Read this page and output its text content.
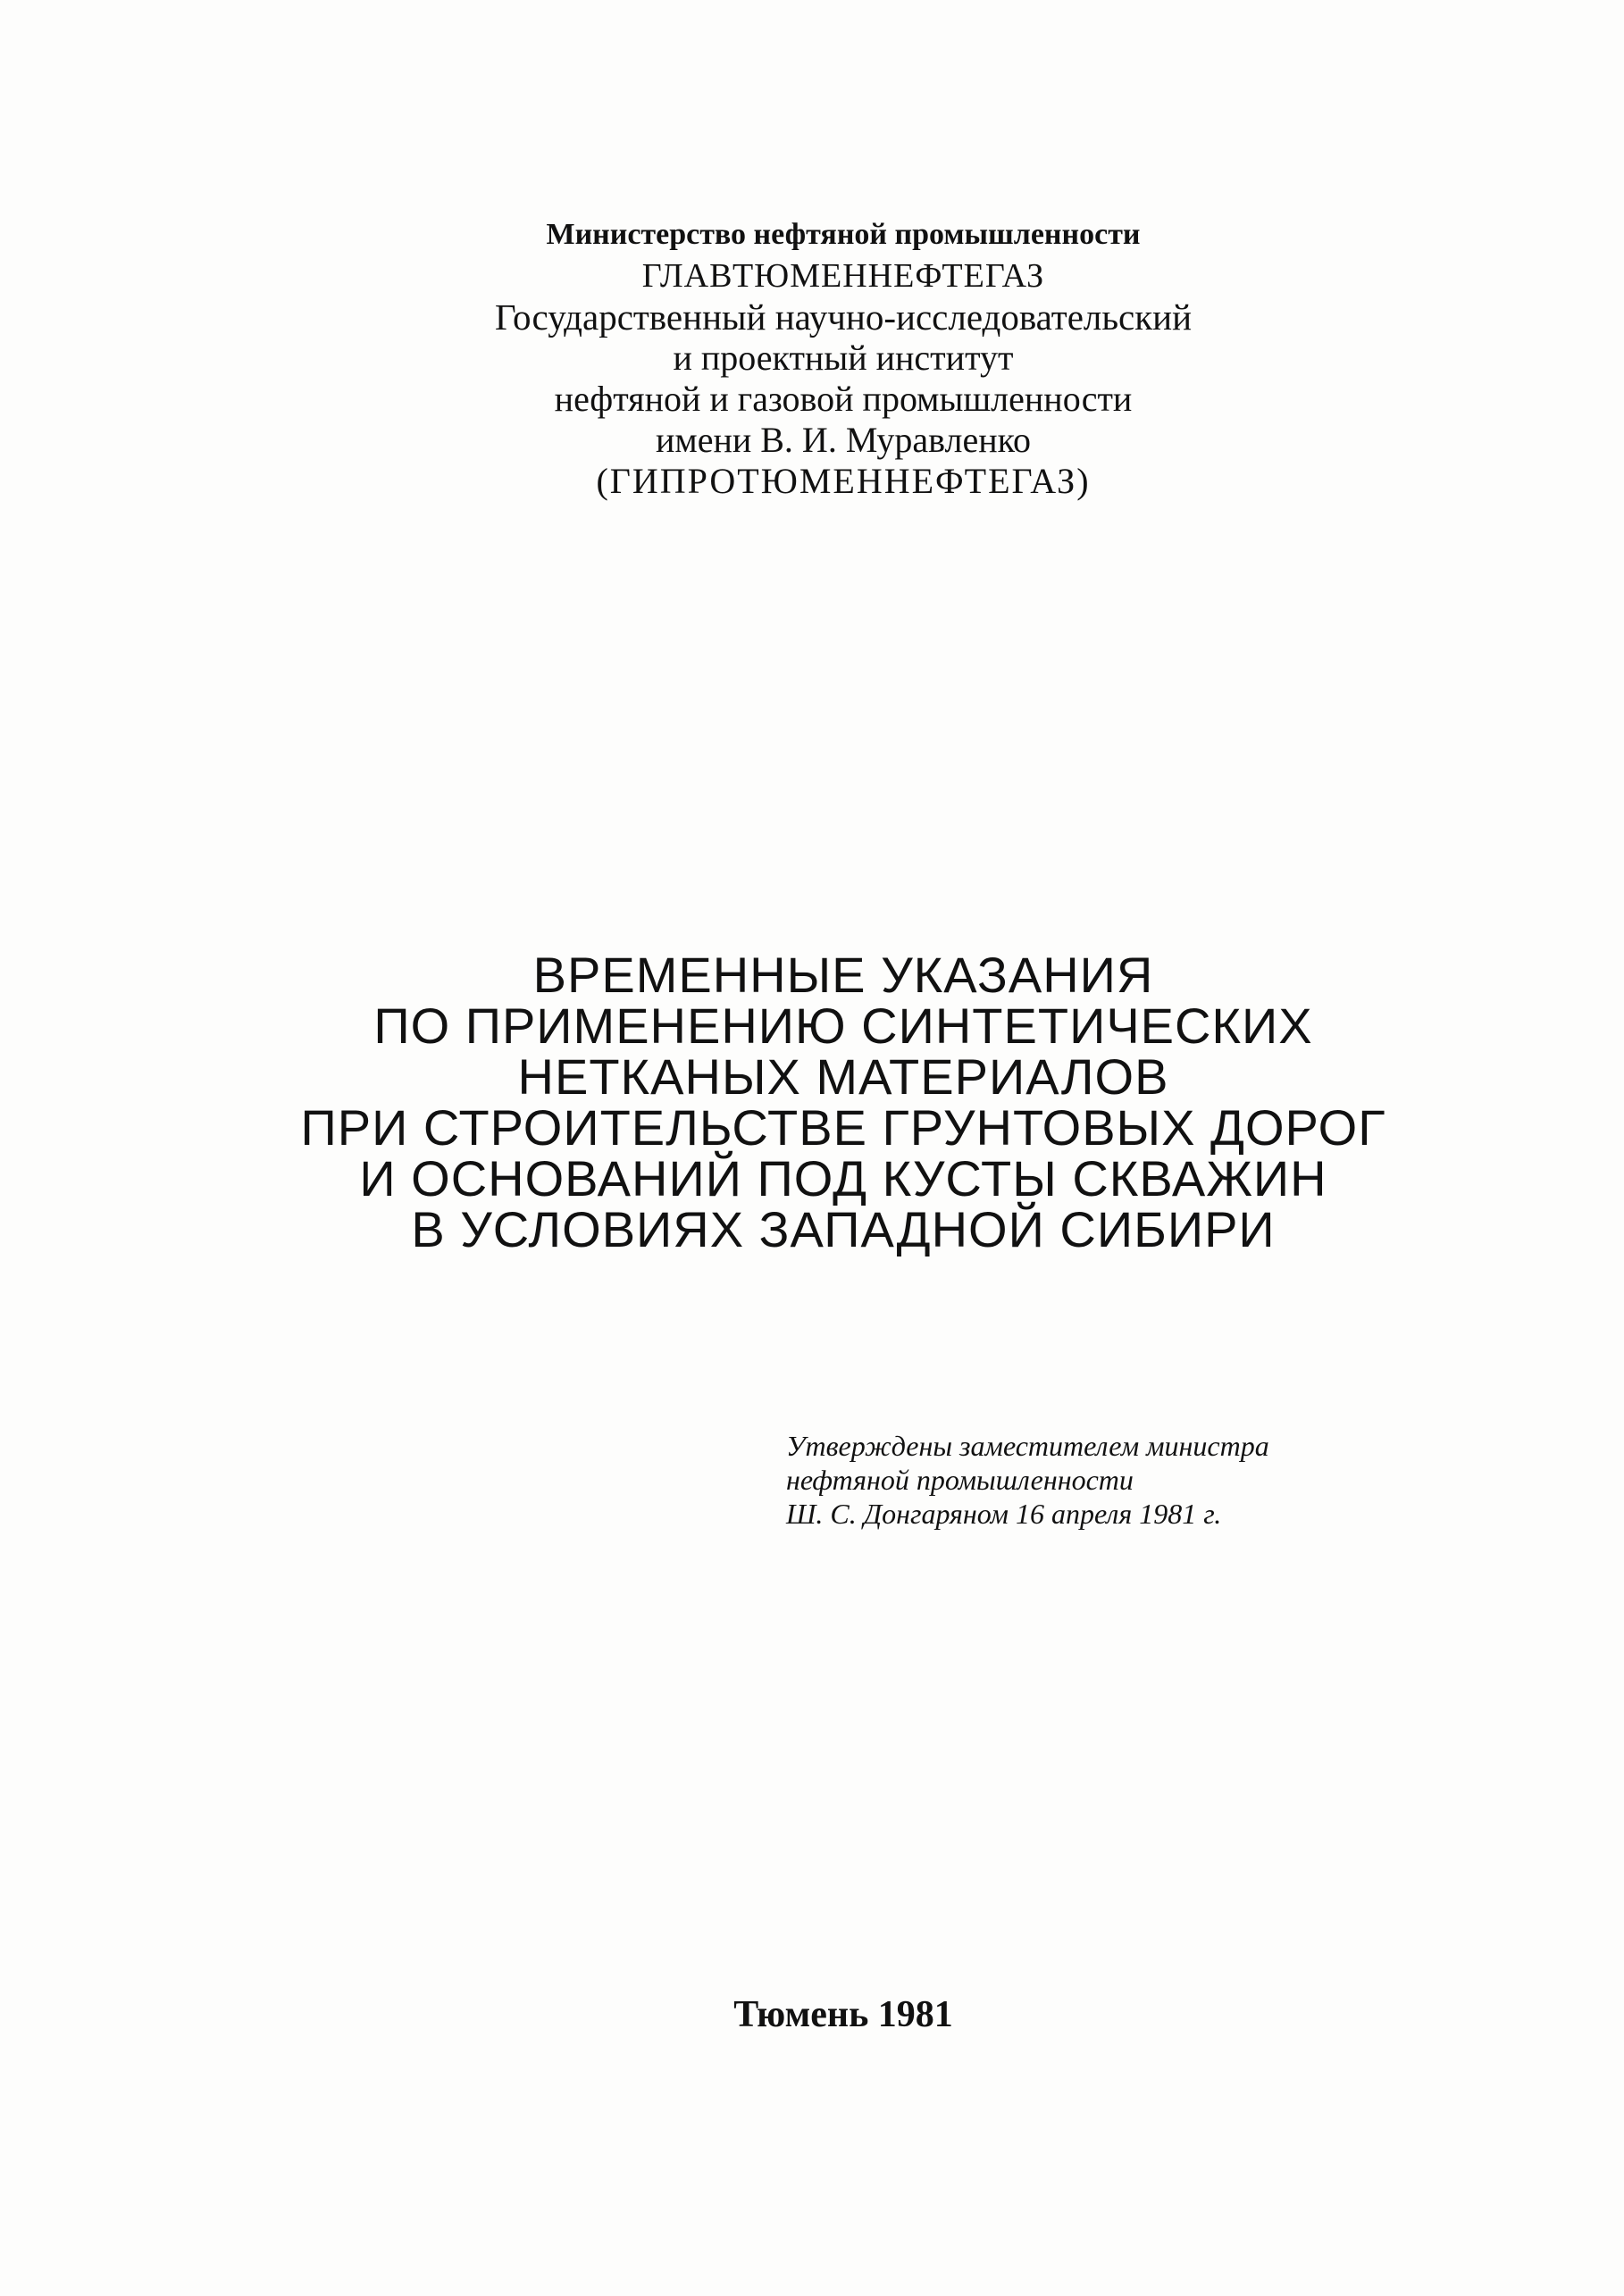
Министерство нефтяной промышленности
ГЛАВТЮМЕННЕФТЕГАЗ
Государственный научно-исследовательский
и проектный институт
нефтяной и газовой промышленности
имени В. И. Муравленко
(ГИПРОТЮМЕННЕФТЕГАЗ)
ВРЕМЕННЫЕ УКАЗАНИЯ
ПО ПРИМЕНЕНИЮ СИНТЕТИЧЕСКИХ
НЕТКАНЫХ МАТЕРИАЛОВ
ПРИ СТРОИТЕЛЬСТВЕ ГРУНТОВЫХ ДОРОГ
И ОСНОВАНИЙ ПОД КУСТЫ СКВАЖИН
В УСЛОВИЯХ ЗАПАДНОЙ СИБИРИ
Утверждены заместителем министра
нефтяной промышленности
Ш. С. Донгаряном 16 апреля 1981 г.
Тюмень 1981
